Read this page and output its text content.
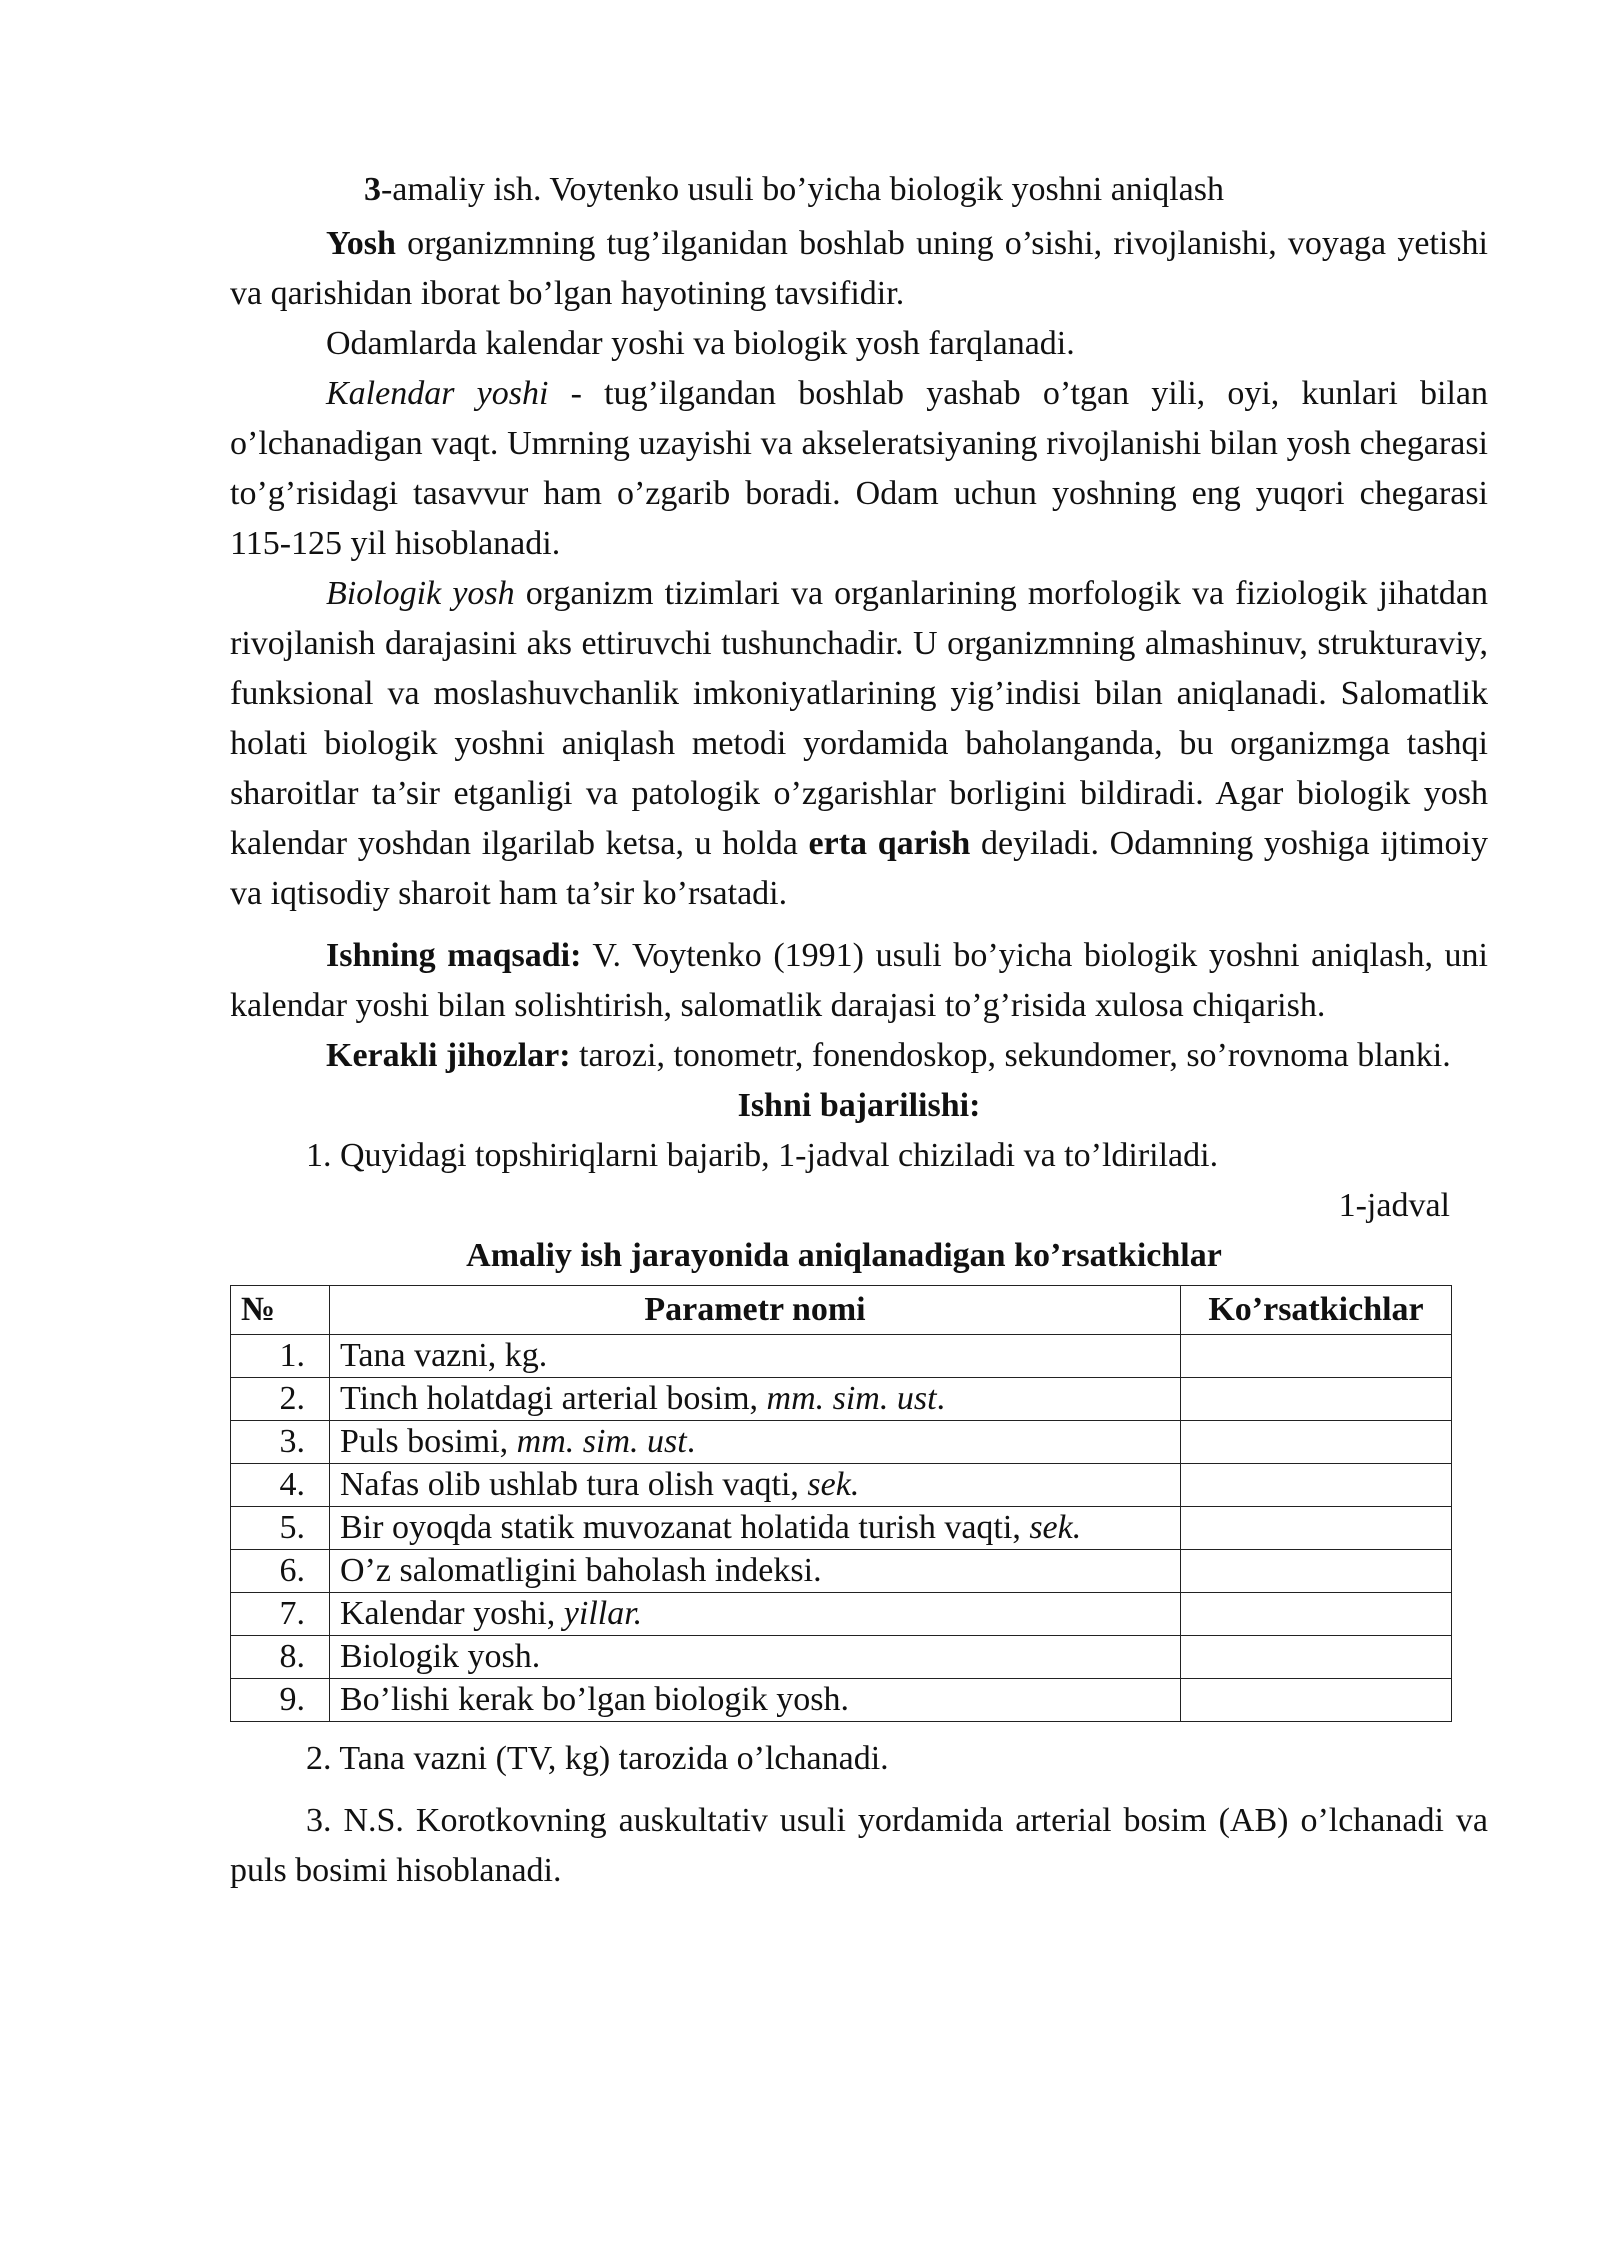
3-amaliy ish. Voytenko usuli bo’yicha biologik yoshni aniqlash

Yosh organizmning tug’ilganidan boshlab uning o’sishi, rivojlanishi, voyaga yetishi va qarishidan iborat bo’lgan hayotining tavsifidir.

Odamlarda kalendar yoshi va biologik yosh farqlanadi.

Kalendar yoshi - tug’ilgandan boshlab yashab o’tgan yili, oyi, kunlari bilan o’lchanadigan vaqt. Umrning uzayishi va akseleratsiyaning rivojlanishi bilan yosh chegarasi to’g’risidagi tasavvur ham o’zgarib boradi. Odam uchun yoshning eng yuqori chegarasi 115-125 yil hisoblanadi.

Biologik yosh organizm tizimlari va organlarining morfologik va fiziologik jihatdan rivojlanish darajasini aks ettiruvchi tushunchadir. U organizmning almashinuv, strukturaviy, funksional va moslashuvchanlik imkoniyatlarining yig’indisi bilan aniqlanadi. Salomatlik holati biologik yoshni aniqlash metodi yordamida baholanganda, bu organizmga tashqi sharoitlar ta’sir etganligi va patologik o’zgarishlar borligini bildiradi. Agar biologik yosh kalendar yoshdan ilgarilab ketsa, u holda erta qarish deyiladi. Odamning yoshiga ijtimoiy va iqtisodiy sharoit ham ta’sir ko’rsatadi.

Ishning maqsadi: V. Voytenko (1991) usuli bo’yicha biologik yoshni aniqlash, uni kalendar yoshi bilan solishtirish, salomatlik darajasi to’g’risida xulosa chiqarish.

Kerakli jihozlar: tarozi, tonometr, fonendoskop, sekundomer, so’rovnoma blanki.

Ishni bajarilishi:

1. Quyidagi topshiriqlarni bajarib, 1-jadval chiziladi va to’ldiriladi.

1-jadval

Amaliy ish jarayonida aniqlanadigan ko’rsatkichlar

№	Parametr nomi	Ko’rsatkichlar
1.	Tana vazni, kg.	
2.	Tinch holatdagi arterial bosim, mm. sim. ust.	
3.	Puls bosimi, mm. sim. ust.	
4.	Nafas olib ushlab tura olish vaqti, sek.	
5.	Bir oyoqda statik muvozanat holatida turish vaqti, sek.	
6.	O’z salomatligini baholash indeksi.	
7.	Kalendar yoshi, yillar.	
8.	Biologik yosh.	
9.	Bo’lishi kerak bo’lgan biologik yosh.	

2. Tana vazni (TV, kg) tarozida o’lchanadi.

3. N.S. Korotkovning auskultativ usuli yordamida arterial bosim (AB) o’lchanadi va puls bosimi hisoblanadi.
